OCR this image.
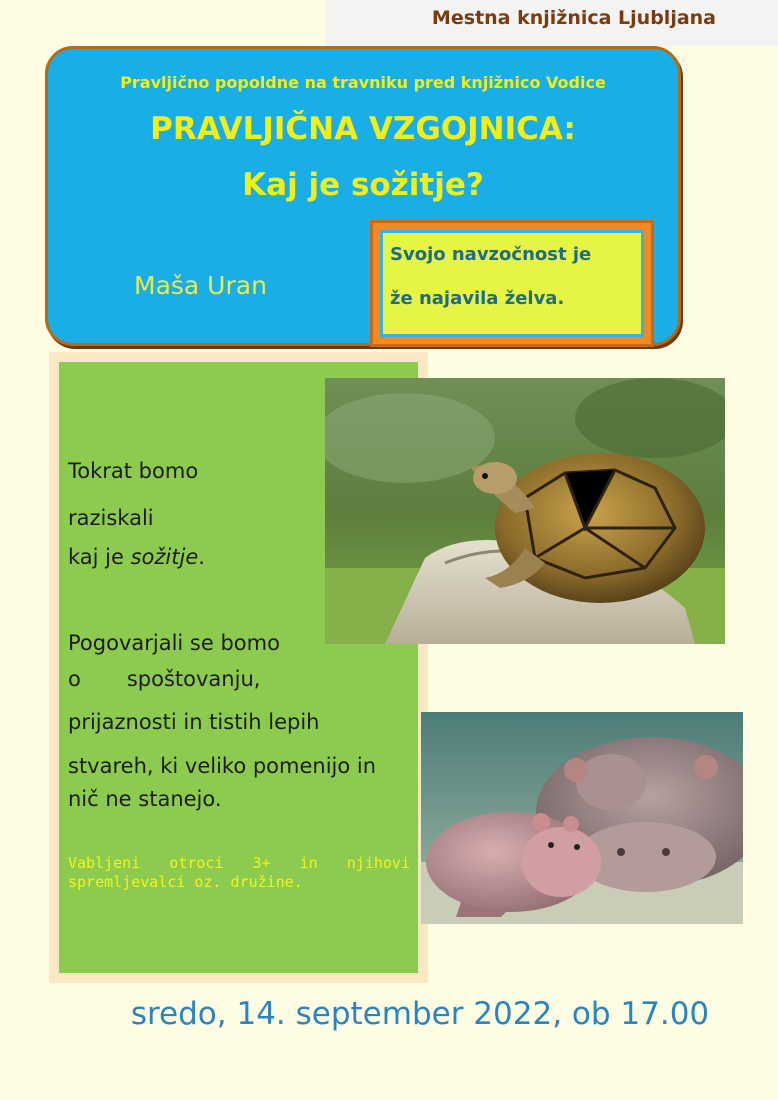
Mestna knjižnica Ljubljana
Pravljično popoldne na travniku pred knjižnico Vodice
PRAVLJIČNA VZGOJNICA:
Kaj je sožitje?
Maša Uran
Svojo navzočnost je
že najavila želva.
Tokrat bomo
raziskali
kaj je sožitje.
Pogovarjali se bomo
o spoštovanju,
prijaznosti in tistih lepih
stvareh, ki veliko pomenijo in
nič ne stanejo.
Vabljeni otroci 3+ in njihovi spremljevalci oz. družine.
sredo, 14. september 2022, ob 17.00
